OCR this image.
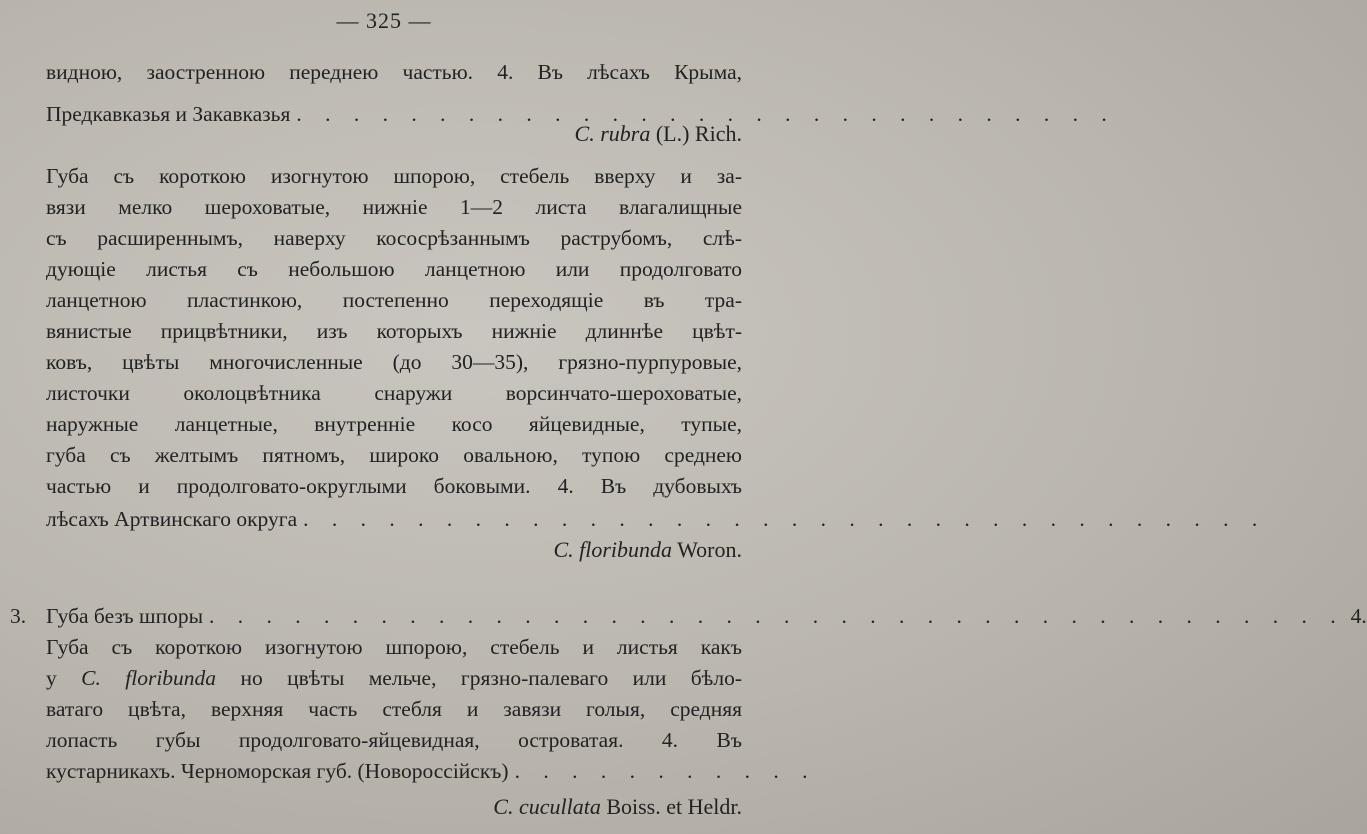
— 325 —
видною, заостренною переднею частью. 4. Въ лѣсахъ Крыма,
Предкавказья и Закавказья . . . . . . . . . . . . . . . . . . . . . . . . . . . . .
C. rubra (L.) Rich.
Губа съ короткою изогнутою шпорою, стебель вверху и за-
вязи мелко шероховатые, нижніе 1—2 листа влагалищные
съ расширеннымъ, наверху кососрѣзаннымъ раструбомъ, слѣ-
дующіе листья съ небольшою ланцетною или продолговато
ланцетною пластинкою, постепенно переходящіе въ тра-
вянистые прицвѣтники, изъ которыхъ нижніе длиннѣе цвѣт-
ковъ, цвѣты многочисленные (до 30—35), грязно-пурпуровые,
листочки околоцвѣтника снаружи ворсинчато-шероховатые,
наружные ланцетные, внутренніе косо яйцевидные, тупые,
губа съ желтымъ пятномъ, широко овальною, тупою среднею
частью и продолговато-округлыми боковыми. 4. Въ дубовыхъ
лѣсахъ Артвинскаго округа . . . . . . . . . . . . . . . . . . . . . . . . . . . . . . . . . .
C. floribunda Woron.
3. Губа безъ шпоры . . . . . . . . . . . . . . . . . . . . . . . . . . . . . . . . . . . . . . . . 4.
Губа съ короткою изогнутою шпорою, стебель и листья какъ
у C. floribunda но цвѣты мельче, грязно-палеваго или бѣло-
ватаго цвѣта, верхняя часть стебля и завязи голыя, средняя
лопасть губы продолговато-яйцевидная, островатая. 4. Въ
кустарникахъ. Черноморская губ. (Новороссійскъ) . . . . . . . . . . .
C. cucullata Boiss. et Heldr.
